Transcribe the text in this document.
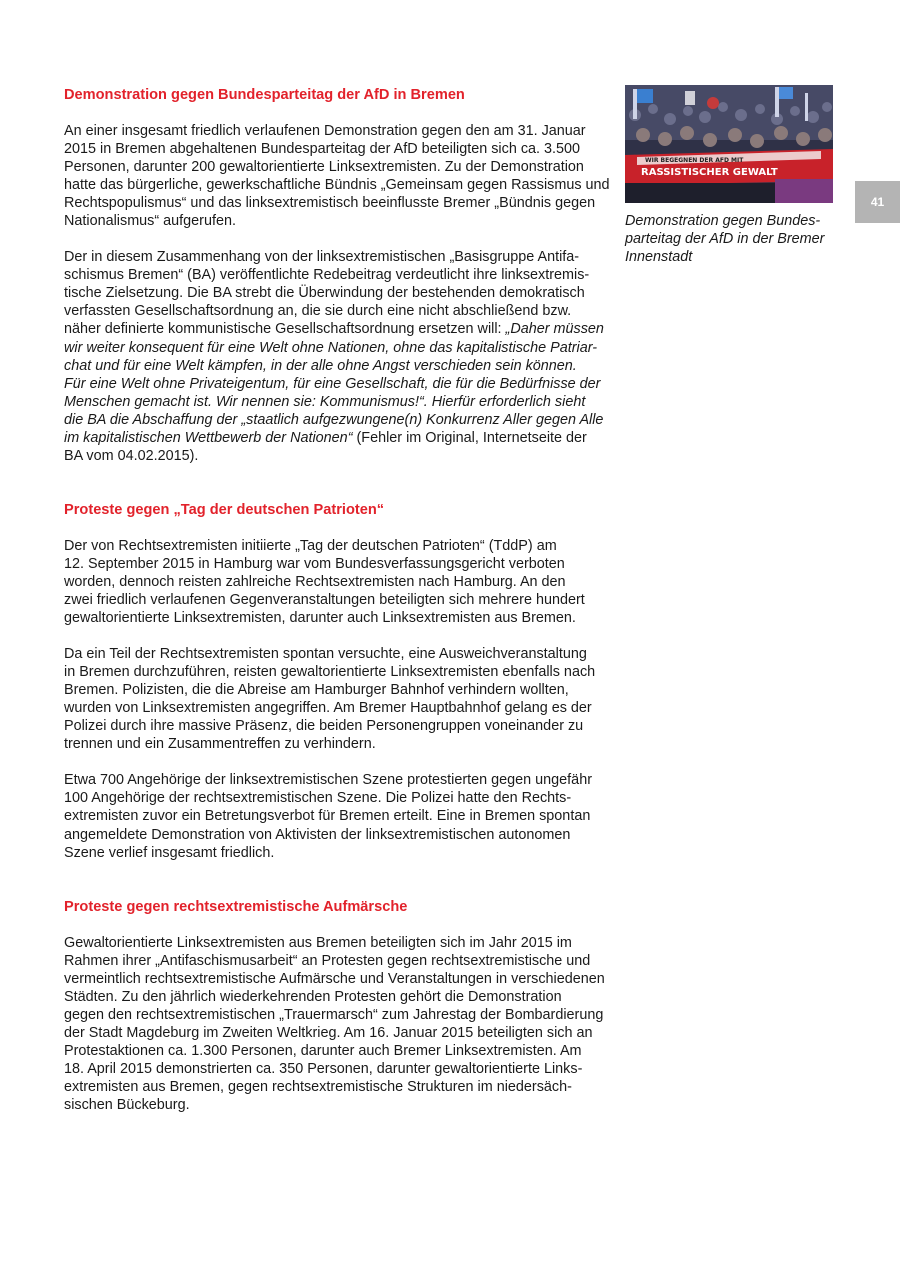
WIR BEGEGNEN DER AFD MIT
RASSISTISCHER GEWALT
Demonstration gegen Bundes-
parteitag der AfD in der Bremer
Innenstadt
41
Demonstration gegen Bundesparteitag der AfD in Bremen

An einer insgesamt friedlich verlaufenen Demonstration gegen den am 31. Januar
2015 in Bremen abgehaltenen Bundesparteitag der AfD beteiligten sich ca. 3.500
Personen, darunter 200 gewaltorientierte Linksextremisten. Zu der Demonstration
hatte das bürgerliche, gewerkschaftliche Bündnis „Gemeinsam gegen Rassismus und
Rechtspopulismus“ und das linksextremistisch beeinflusste Bremer „Bündnis gegen
Nationalismus“ aufgerufen.

Der in diesem Zusammenhang von der linksextremistischen „Basisgruppe Antifa-
schismus Bremen“ (BA) veröffentlichte Redebeitrag verdeutlicht ihre linksextremis-
tische Zielsetzung. Die BA strebt die Überwindung der bestehenden demokratisch
verfassten Gesellschaftsordnung an, die sie durch eine nicht abschließend bzw.
näher definierte kommunistische Gesellschaftsordnung ersetzen will: „Daher müssen
wir weiter konsequent für eine Welt ohne Nationen, ohne das kapitalistische Patriar-
chat und für eine Welt kämpfen, in der alle ohne Angst verschieden sein können.
Für eine Welt ohne Privateigentum, für eine Gesellschaft, die für die Bedürfnisse der
Menschen gemacht ist. Wir nennen sie: Kommunismus!“. Hierfür erforderlich sieht
die BA die Abschaffung der „staatlich aufgezwungene(n) Konkurrenz Aller gegen Alle
im kapitalistischen Wettbewerb der Nationen“ (Fehler im Original, Internetseite der
BA vom 04.02.2015).

Proteste gegen „Tag der deutschen Patrioten“

Der von Rechtsextremisten initiierte „Tag der deutschen Patrioten“ (TddP) am
12. September 2015 in Hamburg war vom Bundesverfassungsgericht verboten
worden, dennoch reisten zahlreiche Rechtsextremisten nach Hamburg. An den
zwei friedlich verlaufenen Gegenveranstaltungen beteiligten sich mehrere hundert
gewaltorientierte Linksextremisten, darunter auch Linksextremisten aus Bremen.

Da ein Teil der Rechtsextremisten spontan versuchte, eine Ausweichveranstaltung
in Bremen durchzuführen, reisten gewaltorientierte Linksextremisten ebenfalls nach
Bremen. Polizisten, die die Abreise am Hamburger Bahnhof verhindern wollten,
wurden von Linksextremisten angegriffen. Am Bremer Hauptbahnhof gelang es der
Polizei durch ihre massive Präsenz, die beiden Personengruppen voneinander zu
trennen und ein Zusammentreffen zu verhindern.

Etwa 700 Angehörige der linksextremistischen Szene protestierten gegen ungefähr
100 Angehörige der rechtsextremistischen Szene. Die Polizei hatte den Rechts-
extremisten zuvor ein Betretungsverbot für Bremen erteilt. Eine in Bremen spontan
angemeldete Demonstration von Aktivisten der linksextremistischen autonomen
Szene verlief insgesamt friedlich.

Proteste gegen rechtsextremistische Aufmärsche

Gewaltorientierte Linksextremisten aus Bremen beteiligten sich im Jahr 2015 im
Rahmen ihrer „Antifaschismusarbeit“ an Protesten gegen rechtsextremistische und
vermeintlich rechtsextremistische Aufmärsche und Veranstaltungen in verschiedenen
Städten. Zu den jährlich wiederkehrenden Protesten gehört die Demonstration
gegen den rechtsextremistischen „Trauermarsch“ zum Jahrestag der Bombardierung
der Stadt Magdeburg im Zweiten Weltkrieg. Am 16. Januar 2015 beteiligten sich an
Protestaktionen ca. 1.300 Personen, darunter auch Bremer Linksextremisten. Am
18. April 2015 demonstrierten ca. 350 Personen, darunter gewaltorientierte Links-
extremisten aus Bremen, gegen rechtsextremistische Strukturen im niedersäch-
sischen Bückeburg.
